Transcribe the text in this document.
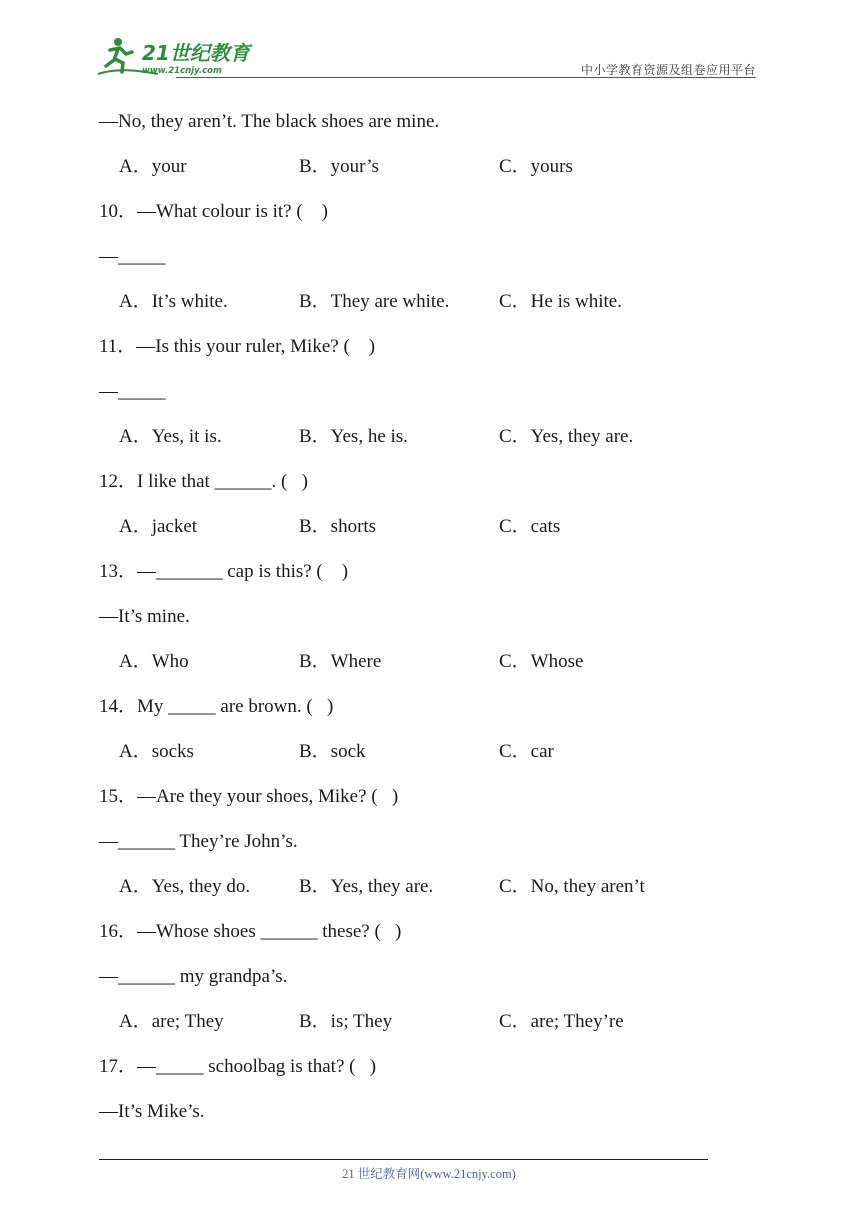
21世纪教育
www.21cnjy.com	中小学教育资源及组卷应用平台
—No, they aren’t. The black shoes are mine.
A．your	B．your’s	C．yours
10．—What colour is it? (    )
—_____
A．It’s white.	B．They are white.	C．He is white.
11．—Is this your ruler, Mike? (    )
—_____
A．Yes, it is.	B．Yes, he is.	C．Yes, they are.
12．I like that ______. (   )
A．jacket	B．shorts	C．cats
13．—_______ cap is this? (    )
—It’s mine.
A．Who	B．Where	C．Whose
14．My _____ are brown. (   )
A．socks	B．sock	C．car
15．—Are they your shoes, Mike? (   )
—______ They’re John’s.
A．Yes, they do.	B．Yes, they are.	C．No, they aren’t
16．—Whose shoes ______ these? (   )
—______ my grandpa’s.
A．are; They	B．is; They	C．are; They’re
17．—_____ schoolbag is that? (   )
—It’s Mike’s.
21 世纪教育网(www.21cnjy.com)
